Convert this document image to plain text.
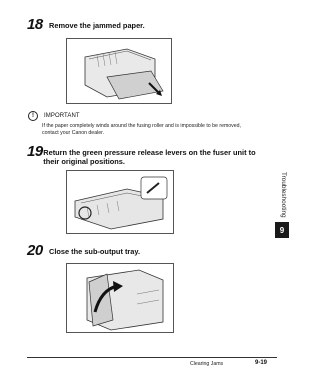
18 Remove the jammed paper.
!	IMPORTANT
If the paper completely winds around the fusing roller and is impossible to be removed, contact your Canon dealer.
19 Return the green pressure release levers on the fuser unit to their original positions.
20 Close the sub-output tray.
Troubleshooting
9
Clearing Jams	9-19
